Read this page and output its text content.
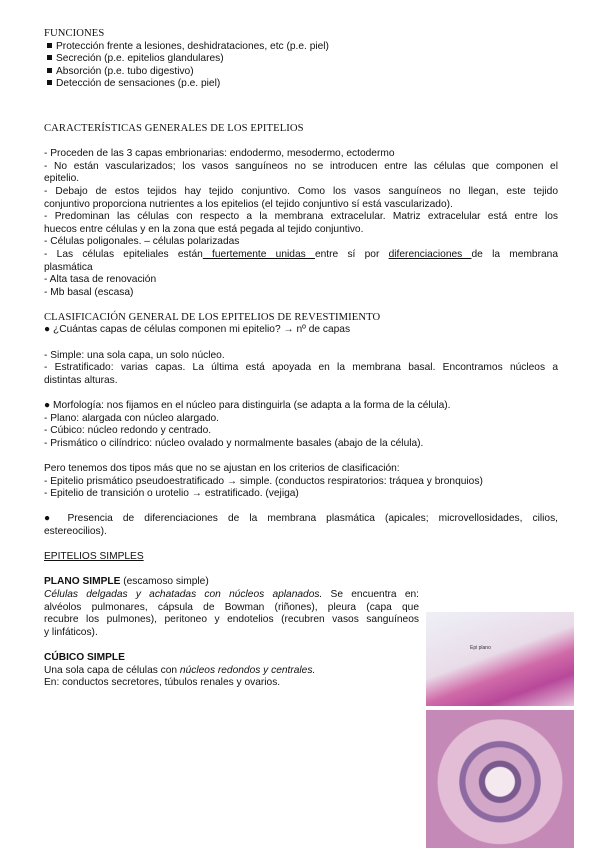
FUNCIONES
Protección frente a lesiones, deshidrataciones, etc (p.e. piel)
Secreción (p.e. epitelios glandulares)
Absorción (p.e. tubo digestivo)
Detección de sensaciones (p.e. piel)
CARACTERÍSTICAS GENERALES DE LOS EPITELIOS
- Proceden de las 3 capas embrionarias: endodermo, mesodermo, ectodermo
- No están vascularizados; los vasos sanguíneos no se introducen entre las células que componen el
epitelio.
- Debajo de estos tejidos hay tejido conjuntivo. Como los vasos sanguíneos no llegan, este tejido
conjuntivo proporciona nutrientes a los epitelios (el tejido conjuntivo sí está vascularizado).
- Predominan las células con respecto a la membrana extracelular. Matriz extracelular está entre los
huecos entre células y en la zona que está pegada al tejido conjuntivo.
- Células poligonales. – células polarizadas
- Las células epiteliales están fuertemente unidas entre sí por diferenciaciones de la membrana
plasmática
- Alta tasa de renovación
- Mb basal (escasa)
CLASIFICACIÓN GENERAL DE LOS EPITELIOS DE REVESTIMIENTO
● ¿Cuántas capas de células componen mi epitelio? → nº de capas
- Simple: una sola capa, un solo núcleo.
- Estratificado: varias capas. La última está apoyada en la membrana basal. Encontramos núcleos a
distintas alturas.
● Morfología: nos fijamos en el núcleo para distinguirla (se adapta a la forma de la célula).
- Plano: alargada con núcleo alargado.
- Cúbico: núcleo redondo y centrado.
- Prismático o cilíndrico: núcleo ovalado y normalmente basales (abajo de la célula).
Pero tenemos dos tipos más que no se ajustan en los criterios de clasificación:
- Epitelio prismático pseudoestratificado → simple. (conductos respiratorios: tráquea y bronquios)
- Epitelio de transición o urotelio → estratificado. (vejiga)
● Presencia de diferenciaciones de la membrana plasmática (apicales; microvellosidades, cilios,
estereocilios).
EPITELIOS SIMPLES
PLANO SIMPLE (escamoso simple)
Células delgadas y achatadas con núcleos aplanados. Se encuentra en:
alvéolos pulmonares, cápsula de Bowman (riñones), pleura (capa que
recubre los pulmones), peritoneo y endotelios (recubren vasos sanguíneos
y linfáticos).
CÚBICO SIMPLE
Una sola capa de células con núcleos redondos y centrales.
En: conductos secretores, túbulos renales y ovarios.
Epi plano
